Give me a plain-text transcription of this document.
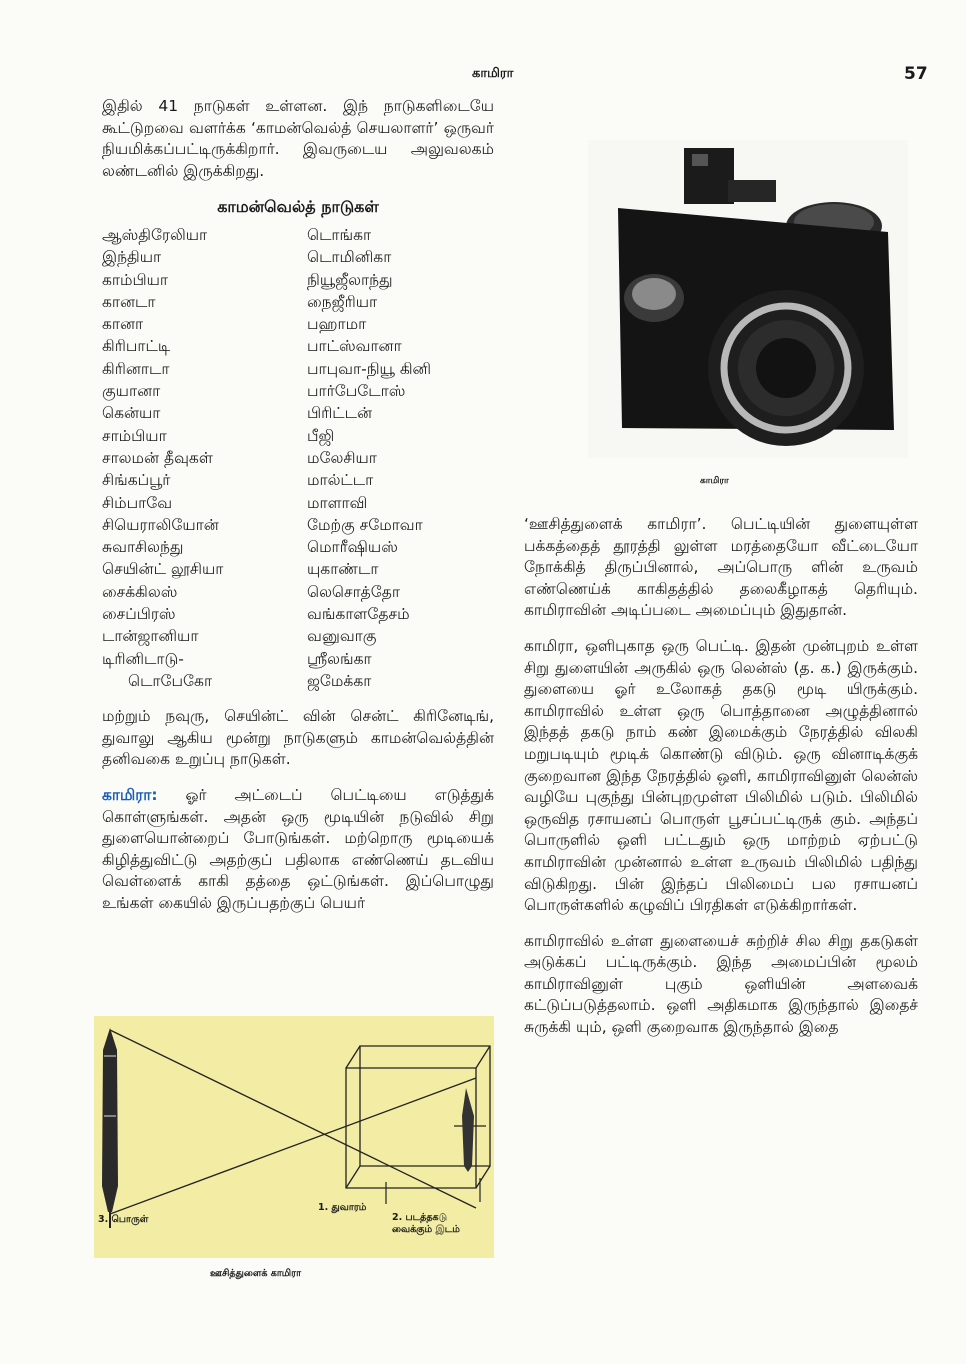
காமிரா	57

இதில் 41 நாடுகள் உள்ளன. இந் நாடுகளிடையே கூட்டுறவை வளர்க்க ‘காமன்வெல்த் செயலாளர்’ ஒருவர் நியமிக்கப்பட்டிருக்கிறார். இவருடைய அலுவலகம் லண்டனில் இருக்கிறது.

காமன்வெல்த் நாடுகள்
ஆஸ்திரேலியா	டொங்கா
இந்தியா	டொமினிகா
காம்பியா	நியூஜீலாந்து
கானடா	நைஜீரியா
கானா	பஹாமா
கிரிபாட்டி	பாட்ஸ்வானா
கிரினாடா	பாபுவா-நியூ கினி
குயானா	பார்பேடோஸ்
கென்யா	பிரிட்டன்
சாம்பியா	பீஜி
சாலமன் தீவுகள்	மலேசியா
சிங்கப்பூர்	மால்ட்டா
சிம்பாவே	மாளாவி
சியெராலியோன்	மேற்கு சமோவா
சுவாசிலந்து	மொரீஷியஸ்
செயின்ட் லூசியா	யுகாண்டா
சைக்கிலஸ்	லெசொத்தோ
சைப்பிரஸ்	வங்காளதேசம்
டான்ஜானியா	வனுவாகு
டிரினிடாடு-	ஸ்ரீலங்கா
டொபேகோ	ஜமேக்கா

மற்றும் நவுரு, செயின்ட் வின் சென்ட் கிரினேடிங், துவாலு ஆகிய மூன்று நாடுகளும் காமன்வெல்த்தின் தனிவகை உறுப்பு நாடுகள்.

காமிரா: ஓர் அட்டைப் பெட்டியை எடுத்துக் கொள்ளுங்கள். அதன் ஒரு மூடியின் நடுவில் சிறு துளையொன்றைப் போடுங்கள். மற்றொரு மூடியைக் கிழித்துவிட்டு அதற்குப் பதிலாக எண்ணெய் தடவிய வெள்ளைக் காகி தத்தை ஒட்டுங்கள். இப்பொழுது உங்கள் கையில் இருப்பதற்குப் பெயர்

காமிரா
3. பொருள்
1. துவாரம்
2. படத்தகடு
வைக்கும் இடம்
ஊசித்துளைக் காமிரா

‘ஊசித்துளைக் காமிரா’. பெட்டியின் துளையுள்ள பக்கத்தைத் தூரத்தி லுள்ள மரத்தையோ வீட்டையோ நோக்கித் திருப்பினால், அப்பொரு ளின் உருவம் எண்ணெய்க் காகிதத்தில் தலைகீழாகத் தெரியும். காமிராவின் அடிப்படை அமைப்பும் இதுதான்.

காமிரா, ஒளிபுகாத ஒரு பெட்டி. இதன் முன்புறம் உள்ள சிறு துளையின் அருகில் ஒரு லென்ஸ் (த. க.) இருக்கும். துளையை ஓர் உலோகத் தகடு மூடி யிருக்கும். காமிராவில் உள்ள ஒரு பொத்தானை அழுத்தினால் இந்தத் தகடு நாம் கண் இமைக்கும் நேரத்தில் விலகி மறுபடியும் மூடிக் கொண்டு விடும். ஒரு வினாடிக்குக் குறைவான இந்த நேரத்தில் ஒளி, காமிராவினுள் லென்ஸ் வழியே புகுந்து பின்புறமுள்ள பிலிமில் படும். பிலிமில் ஒருவித ரசாயனப் பொருள் பூசப்பட்டிருக் கும். அந்தப் பொருளில் ஒளி பட்டதும் ஒரு மாற்றம் ஏற்பட்டு காமிராவின் முன்னால் உள்ள உருவம் பிலிமில் பதிந்து விடுகிறது. பின் இந்தப் பிலிமைப் பல ரசாயனப் பொருள்களில் கழுவிப் பிரதிகள் எடுக்கிறார்கள்.

காமிராவில் உள்ள துளையைச் சுற்றிச் சில சிறு தகடுகள் அடுக்கப் பட்டிருக்கும். இந்த அமைப்பின் மூலம் காமிராவினுள் புகும் ஒளியின் அளவைக் கட்டுப்படுத்தலாம். ஒளி அதிகமாக இருந்தால் இதைச் சுருக்கி யும், ஒளி குறைவாக இருந்தால் இதை
